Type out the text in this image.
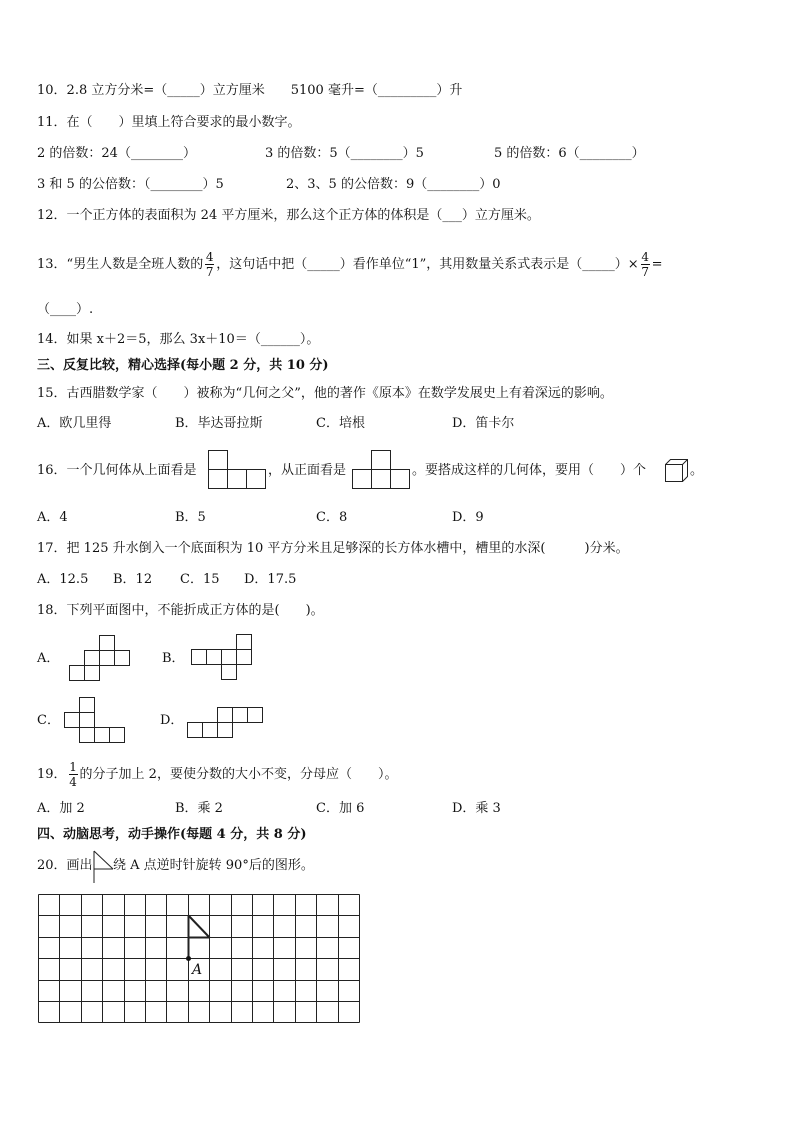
10．2.8 立方分米=（_____）立方厘米　　5100 毫升=（_________）升
11．在（　　）里填上符合要求的最小数字。
2 的倍数：24（________）	3 的倍数：5（________）5	5 的倍数：6（________）
3 和 5 的公倍数：（________）5	2、3、5 的公倍数：9（________）0
12．一个正方体的表面积为 24 平方厘米，那么这个正方体的体积是（___）立方厘米。
13．“男生人数是全班人数的 $\frac{4}{7}$ ，这句话中把（_____）看作单位“1”，其用数量关系式表示是（_____）× $\frac{4}{7}$ =
（____）.
14．如果 x＋2＝5，那么 3x＋10＝（______）。
三、反复比较，精心选择(每小题 2 分，共 10 分)
15．古西腊数学家（　　）被称为“几何之父”，他的著作《原本》在数学发展史上有着深远的影响。
A．欧几里得	B．毕达哥拉斯	C．培根	D．笛卡尔
16．一个几何体从上面看是	，从正面看是	。要搭成这样的几何体，要用（　　）个	。
A．4	B．5	C．8	D．9
17．把 125 升水倒入一个底面积为 10 平方分米且足够深的长方体水槽中，槽里的水深(　　　)分米。
A．12.5 B．12 C．15 D．17.5
18．下列平面图中，不能折成正方体的是(　　)。
A．	B．
C．	D．
19． $\frac{1}{4}$ 的分子加上 2，要使分数的大小不变，分母应（　　）。
A．加 2	B．乘 2	C．加 6	D．乘 3
四、动脑思考，动手操作(每题 4 分，共 8 分)
20．画出 绕 A 点逆时针旋转 90°后的图形。
A
